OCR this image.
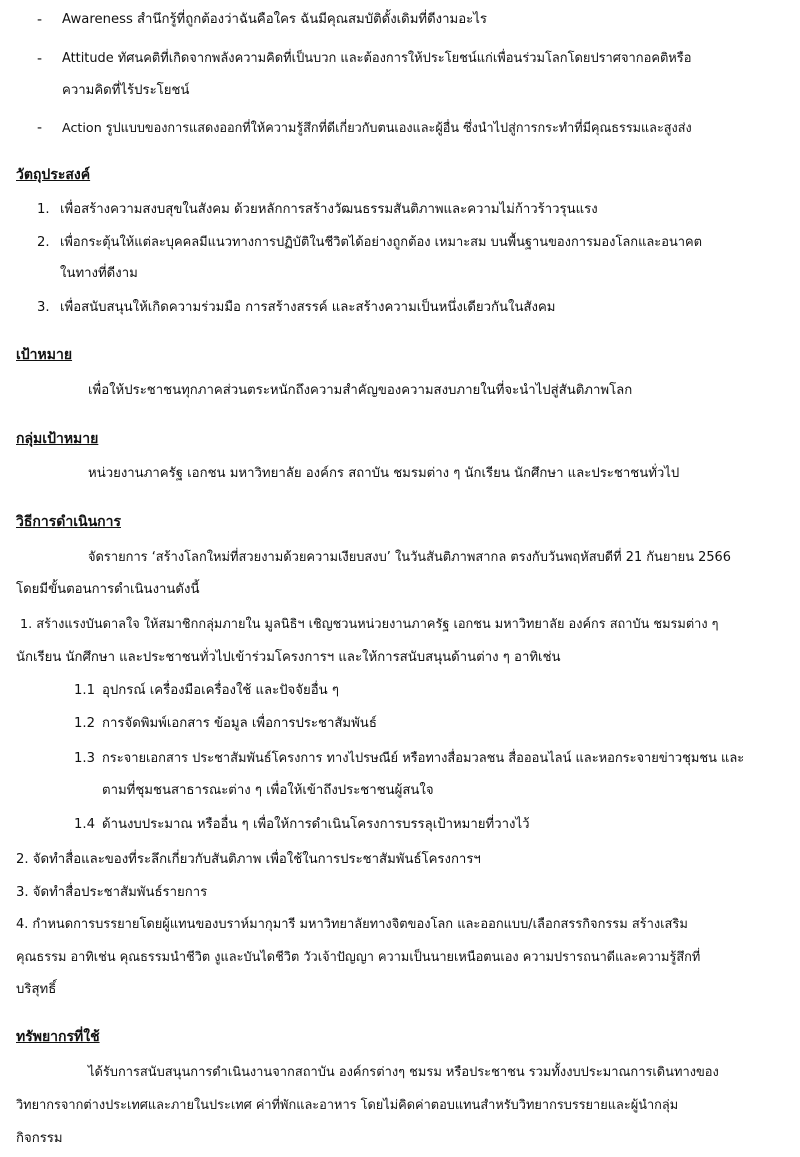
- Awareness สำนึกรู้ที่ถูกต้องว่าฉันคือใคร ฉันมีคุณสมบัติดั้งเดิมที่ดีงามอะไร
- Attitude ทัศนคติที่เกิดจากพลังความคิดที่เป็นบวก และต้องการให้ประโยชน์แก่เพื่อนร่วมโลกโดยปราศจากอคติหรือ
ความคิดที่ไร้ประโยชน์
- Action รูปแบบของการแสดงออกที่ให้ความรู้สึกที่ดีเกี่ยวกับตนเองและผู้อื่น ซึ่งนำไปสู่การกระทำที่มีคุณธรรมและสูงส่ง
วัตถุประสงค์
1. เพื่อสร้างความสงบสุขในสังคม ด้วยหลักการสร้างวัฒนธรรมสันติภาพและความไม่ก้าวร้าวรุนแรง
2. เพื่อกระตุ้นให้แต่ละบุคคลมีแนวทางการปฏิบัติในชีวิตได้อย่างถูกต้อง เหมาะสม บนพื้นฐานของการมองโลกและอนาคต
ในทางที่ดีงาม
3. เพื่อสนับสนุนให้เกิดความร่วมมือ การสร้างสรรค์ และสร้างความเป็นหนึ่งเดียวกันในสังคม
เป้าหมาย
เพื่อให้ประชาชนทุกภาคส่วนตระหนักถึงความสำคัญของความสงบภายในที่จะนำไปสู่สันติภาพโลก
กลุ่มเป้าหมาย
หน่วยงานภาครัฐ เอกชน มหาวิทยาลัย องค์กร สถาบัน ชมรมต่าง ๆ นักเรียน นักศึกษา และประชาชนทั่วไป
วิธีการดำเนินการ
จัดรายการ ‘สร้างโลกใหม่ที่สวยงามด้วยความเงียบสงบ’ ในวันสันติภาพสากล ตรงกับวันพฤหัสบดีที่ 21 กันยายน 2566
โดยมีขั้นตอนการดำเนินงานดังนี้
1. สร้างแรงบันดาลใจ ให้สมาชิกกลุ่มภายใน มูลนิธิฯ เชิญชวนหน่วยงานภาครัฐ เอกชน มหาวิทยาลัย องค์กร สถาบัน ชมรมต่าง ๆ
นักเรียน นักศึกษา และประชาชนทั่วไปเข้าร่วมโครงการฯ และให้การสนับสนุนด้านต่าง ๆ อาทิเช่น
1.1 อุปกรณ์ เครื่องมือเครื่องใช้ และปัจจัยอื่น ๆ
1.2 การจัดพิมพ์เอกสาร ข้อมูล เพื่อการประชาสัมพันธ์
1.3 กระจายเอกสาร ประชาสัมพันธ์โครงการ ทางไปรษณีย์ หรือทางสื่อมวลชน สื่อออนไลน์ และหอกระจายข่าวชุมชน และ
ตามที่ชุมชนสาธารณะต่าง ๆ เพื่อให้เข้าถึงประชาชนผู้สนใจ
1.4 ด้านงบประมาณ หรืออื่น ๆ เพื่อให้การดำเนินโครงการบรรลุเป้าหมายที่วางไว้
2. จัดทำสื่อและของที่ระลึกเกี่ยวกับสันติภาพ เพื่อใช้ในการประชาสัมพันธ์โครงการฯ
3. จัดทำสื่อประชาสัมพันธ์รายการ
4. กำหนดการบรรยายโดยผู้แทนของบราห์มากุมารี มหาวิทยาลัยทางจิตของโลก และออกแบบ/เลือกสรรกิจกรรม สร้างเสริม
คุณธรรม อาทิเช่น คุณธรรมนำชีวิต งูและบันไดชีวิต วัวเจ้าปัญญา ความเป็นนายเหนือตนเอง ความปรารถนาดีและความรู้สึกที่
บริสุทธิ์
ทรัพยากรที่ใช้
ได้รับการสนับสนุนการดำเนินงานจากสถาบัน องค์กรต่างๆ ชมรม หรือประชาชน รวมทั้งงบประมาณการเดินทางของ
วิทยากรจากต่างประเทศและภายในประเทศ ค่าที่พักและอาหาร โดยไม่คิดค่าตอบแทนสำหรับวิทยากรบรรยายและผู้นำกลุ่ม
กิจกรรม
